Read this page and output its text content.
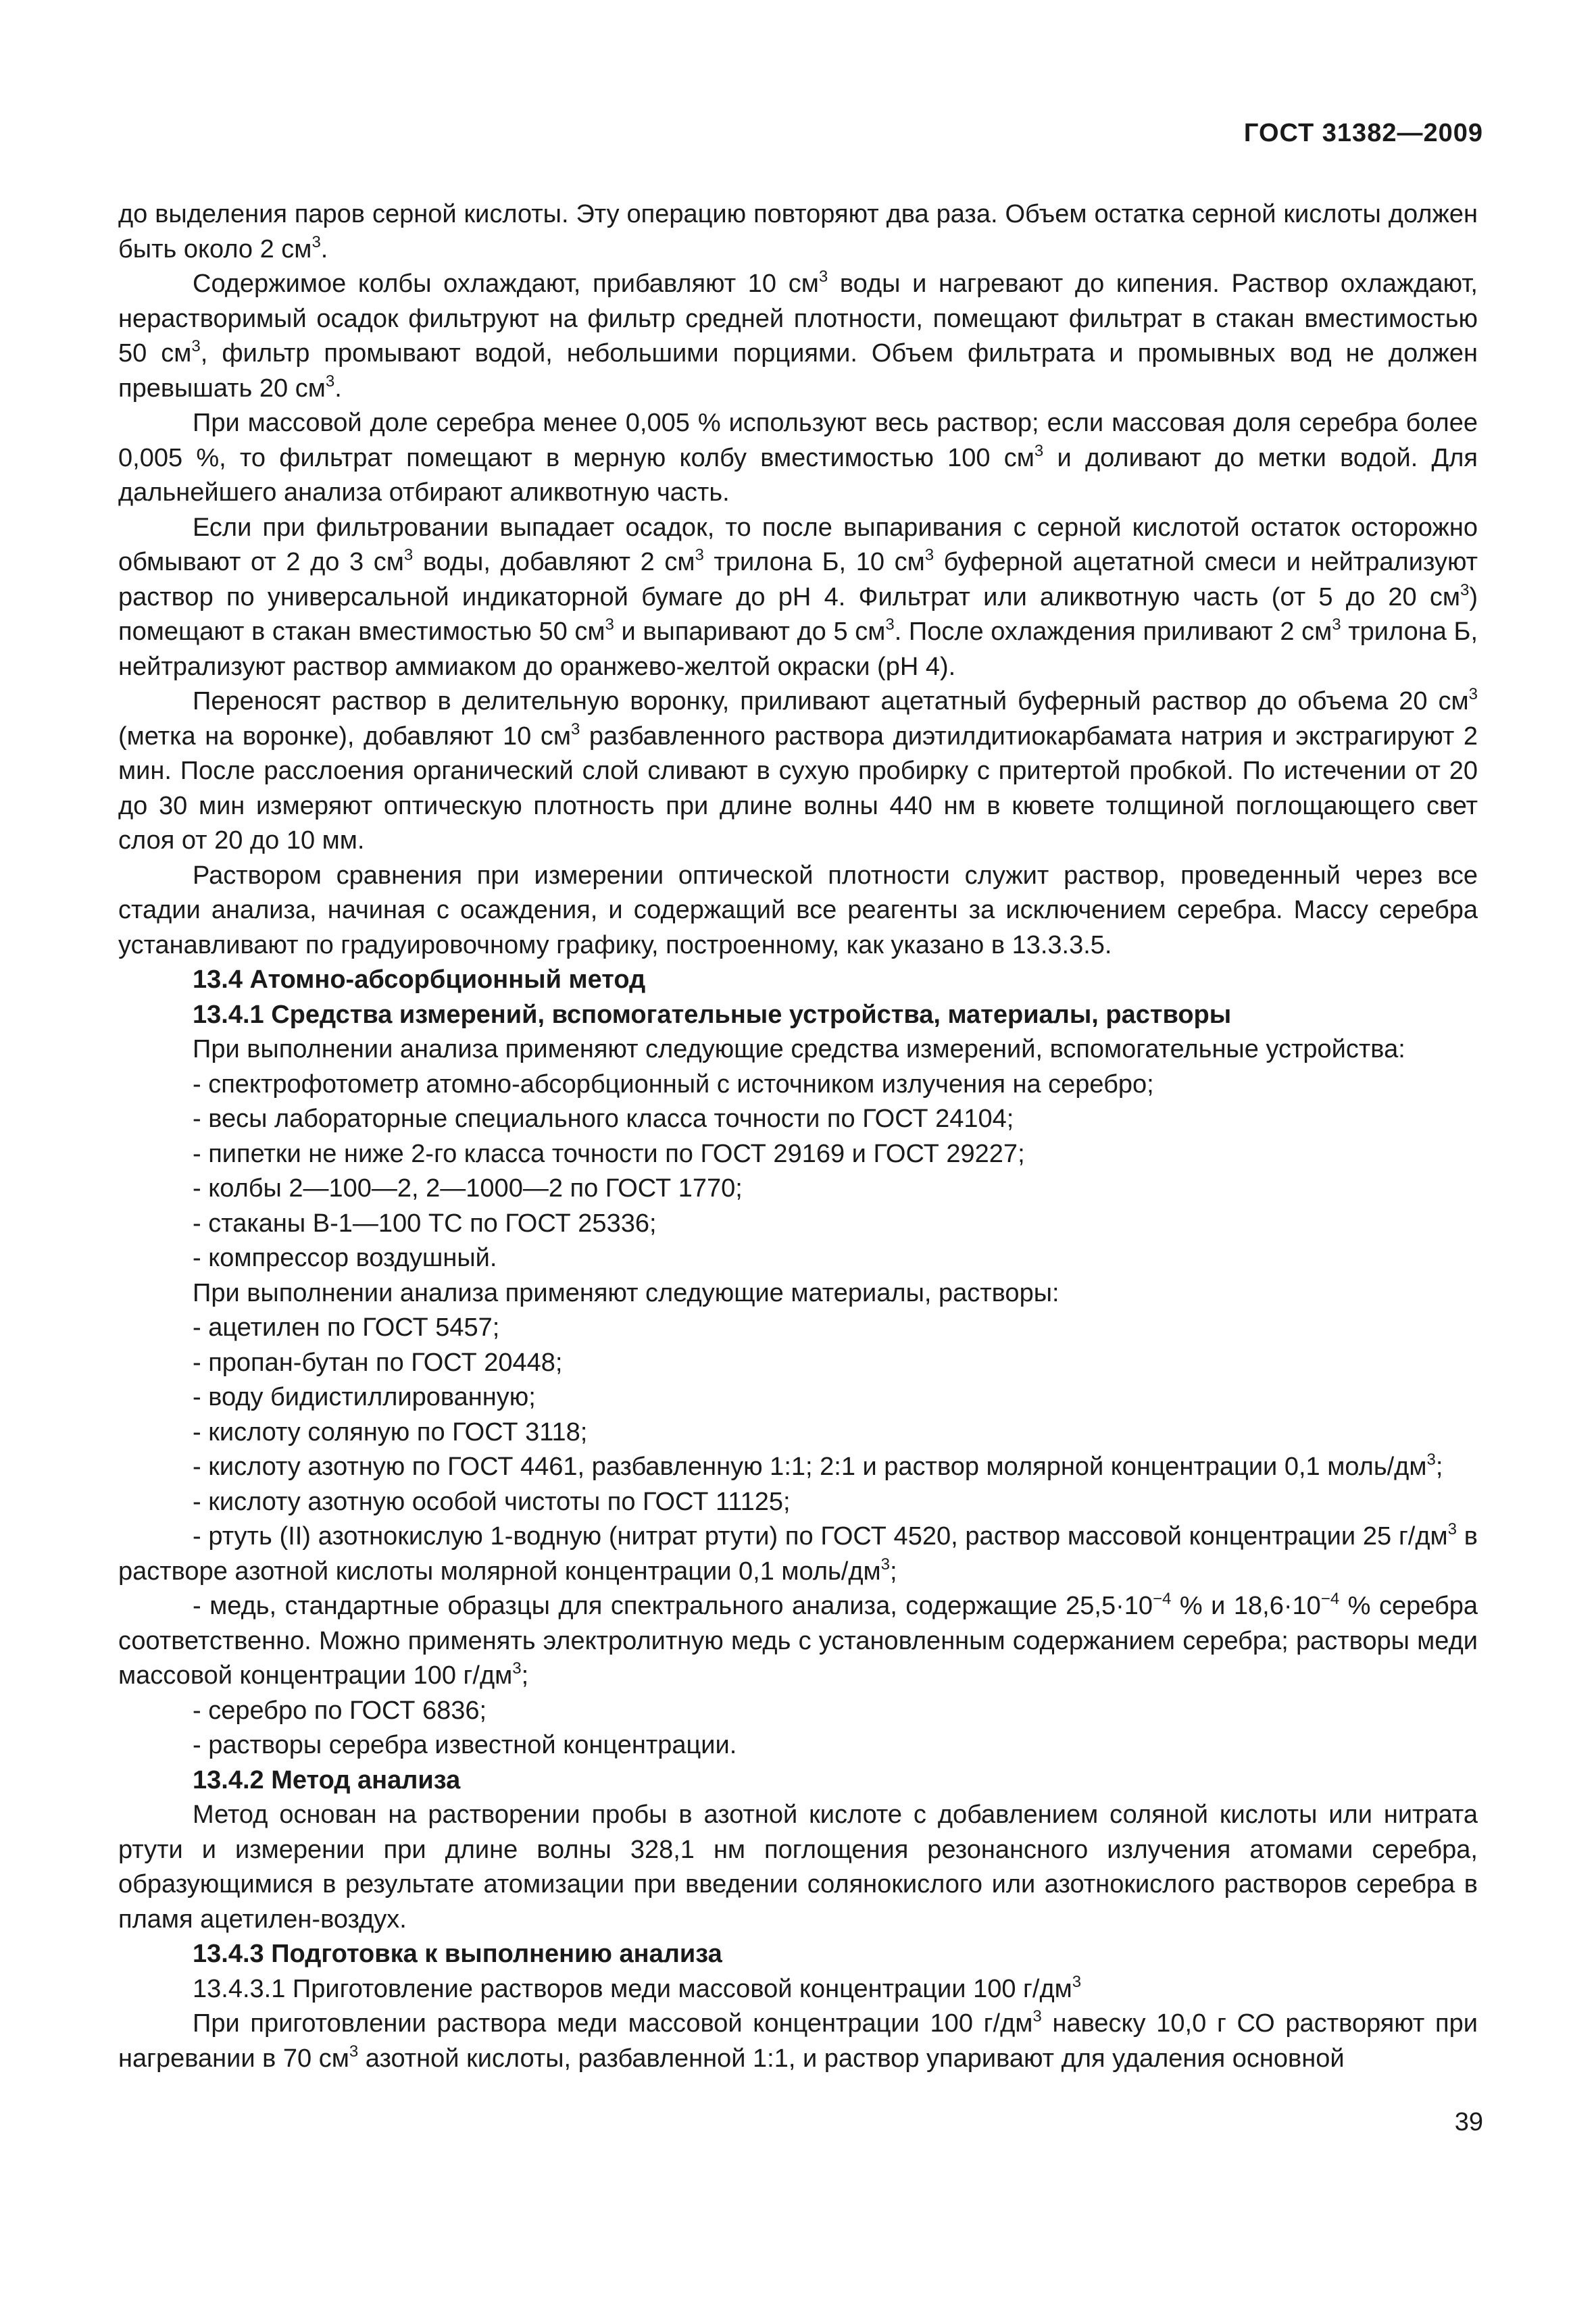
ГОСТ 31382—2009

до выделения паров серной кислоты. Эту операцию повторяют два раза. Объем остатка серной кислоты должен быть около 2 $см^3$.

Содержимое колбы охлаждают, прибавляют 10 $см^3$ воды и нагревают до кипения. Раствор охлаждают, нерастворимый осадок фильтруют на фильтр средней плотности, помещают фильтрат в стакан вместимостью 50 $см^3$, фильтр промывают водой, небольшими порциями. Объем фильтрата и промывных вод не должен превышать 20 $см^3$.

При массовой доле серебра менее 0,005 % используют весь раствор; если массовая доля серебра более 0,005 %, то фильтрат помещают в мерную колбу вместимостью 100 $см^3$ и доливают до метки водой. Для дальнейшего анализа отбирают аликвотную часть.

Если при фильтровании выпадает осадок, то после выпаривания с серной кислотой остаток осторожно обмывают от 2 до 3 $см^3$ воды, добавляют 2 $см^3$ трилона Б, 10 $см^3$ буферной ацетатной смеси и нейтрализуют раствор по универсальной индикаторной бумаге до pH 4. Фильтрат или аликвотную часть (от 5 до 20 $см^3$) помещают в стакан вместимостью 50 $см^3$ и выпаривают до 5 $см^3$. После охлаждения приливают 2 $см^3$ трилона Б, нейтрализуют раствор аммиаком до оранжево-желтой окраски (pH 4).

Переносят раствор в делительную воронку, приливают ацетатный буферный раствор до объема 20 $см^3$ (метка на воронке), добавляют 10 $см^3$ разбавленного раствора диэтилдитиокарбамата натрия и экстрагируют 2 мин. После расслоения органический слой сливают в сухую пробирку с притертой пробкой. По истечении от 20 до 30 мин измеряют оптическую плотность при длине волны 440 нм в кювете толщиной поглощающего свет слоя от 20 до 10 мм.

Раствором сравнения при измерении оптической плотности служит раствор, проведенный через все стадии анализа, начиная с осаждения, и содержащий все реагенты за исключением серебра. Массу серебра устанавливают по градуировочному графику, построенному, как указано в 13.3.3.5.

13.4 Атомно-абсорбционный метод

13.4.1 Средства измерений, вспомогательные устройства, материалы, растворы

При выполнении анализа применяют следующие средства измерений, вспомогательные устройства:

- спектрофотометр атомно-абсорбционный с источником излучения на серебро;

- весы лабораторные специального класса точности по ГОСТ 24104;

- пипетки не ниже 2-го класса точности по ГОСТ 29169 и ГОСТ 29227;

- колбы 2—100—2, 2—1000—2 по ГОСТ 1770;

- стаканы В-1—100 ТС по ГОСТ 25336;

- компрессор воздушный.

При выполнении анализа применяют следующие материалы, растворы:

- ацетилен по ГОСТ 5457;

- пропан-бутан по ГОСТ 20448;

- воду бидистиллированную;

- кислоту соляную по ГОСТ 3118;

- кислоту азотную по ГОСТ 4461, разбавленную 1:1; 2:1 и раствор молярной концентрации 0,1 моль/$дм^3$;

- кислоту азотную особой чистоты по ГОСТ 11125;

- ртуть (II) азотнокислую 1-водную (нитрат ртути) по ГОСТ 4520, раствор массовой концентрации 25 $г/дм^3$ в растворе азотной кислоты молярной концентрации 0,1 моль/$дм^3$;

- медь, стандартные образцы для спектрального анализа, содержащие $25,5\cdot 10^{-4}$ % и $18,6\cdot 10^{-4}$ % серебра соответственно. Можно применять электролитную медь с установленным содержанием серебра; растворы меди массовой концентрации 100 $г/дм^3$;

- серебро по ГОСТ 6836;

- растворы серебра известной концентрации.

13.4.2 Метод анализа

Метод основан на растворении пробы в азотной кислоте с добавлением соляной кислоты или нитрата ртути и измерении при длине волны 328,1 нм поглощения резонансного излучения атомами серебра, образующимися в результате атомизации при введении солянокислого или азотнокислого растворов серебра в пламя ацетилен-воздух.

13.4.3 Подготовка к выполнению анализа

13.4.3.1 Приготовление растворов меди массовой концентрации 100 $г/дм^3$

При приготовлении раствора меди массовой концентрации 100 $г/дм^3$ навеску 10,0 г СО растворяют при нагревании в 70 $см^3$ азотной кислоты, разбавленной 1:1, и раствор упаривают для удаления основной

39
